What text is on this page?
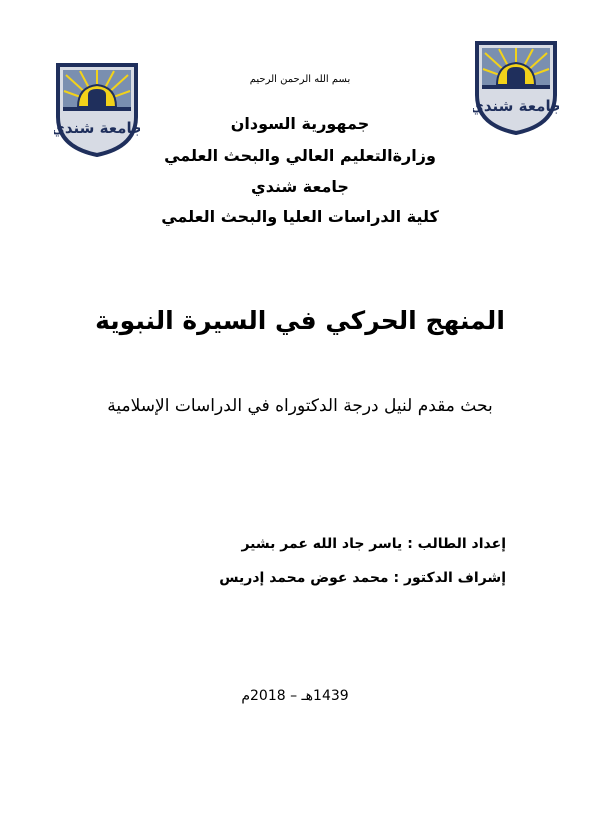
جامعة شندي
جامعة شندي
بسم الله الرحمن الرحيم
جمهورية السودان
وزارةالتعليم العالي والبحث العلمي
جامعة شندي
كلية الدراسات العليا والبحث العلمي
المنهج الحركي في السيرة النبوية
بحث مقدم لنيل درجة الدكتوراه في الدراسات الإسلامية
إعداد الطالب : ياسر جاد الله عمر بشير
إشراف الدكتور : محمد عوض محمد إدريس
1439هـ – 2018م
